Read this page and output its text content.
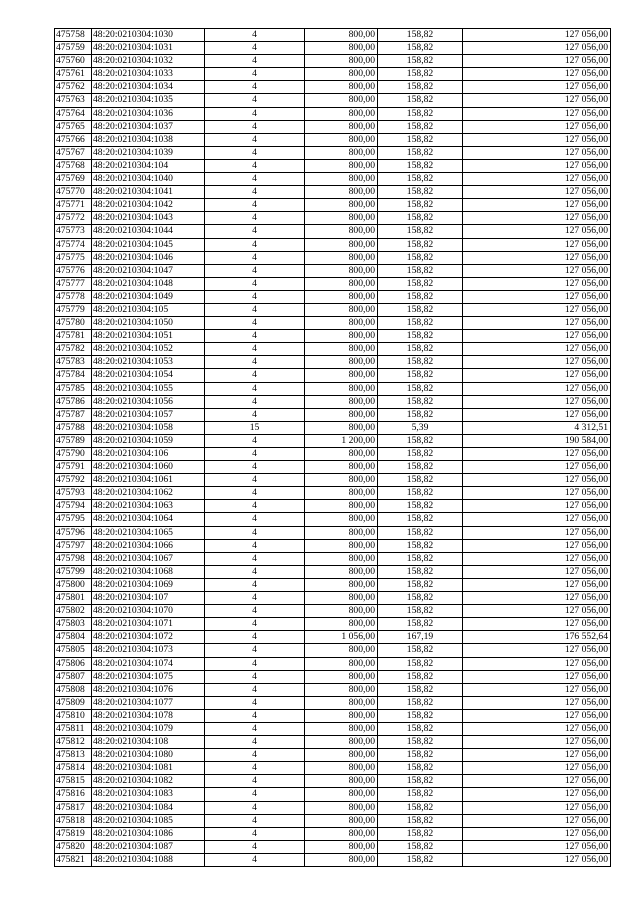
475758	48:20:0210304:1030	4	800,00	158,82	127 056,00
475759	48:20:0210304:1031	4	800,00	158,82	127 056,00
475760	48:20:0210304:1032	4	800,00	158,82	127 056,00
475761	48:20:0210304:1033	4	800,00	158,82	127 056,00
475762	48:20:0210304:1034	4	800,00	158,82	127 056,00
475763	48:20:0210304:1035	4	800,00	158,82	127 056,00
475764	48:20:0210304:1036	4	800,00	158,82	127 056,00
475765	48:20:0210304:1037	4	800,00	158,82	127 056,00
475766	48:20:0210304:1038	4	800,00	158,82	127 056,00
475767	48:20:0210304:1039	4	800,00	158,82	127 056,00
475768	48:20:0210304:104	4	800,00	158,82	127 056,00
475769	48:20:0210304:1040	4	800,00	158,82	127 056,00
475770	48:20:0210304:1041	4	800,00	158,82	127 056,00
475771	48:20:0210304:1042	4	800,00	158,82	127 056,00
475772	48:20:0210304:1043	4	800,00	158,82	127 056,00
475773	48:20:0210304:1044	4	800,00	158,82	127 056,00
475774	48:20:0210304:1045	4	800,00	158,82	127 056,00
475775	48:20:0210304:1046	4	800,00	158,82	127 056,00
475776	48:20:0210304:1047	4	800,00	158,82	127 056,00
475777	48:20:0210304:1048	4	800,00	158,82	127 056,00
475778	48:20:0210304:1049	4	800,00	158,82	127 056,00
475779	48:20:0210304:105	4	800,00	158,82	127 056,00
475780	48:20:0210304:1050	4	800,00	158,82	127 056,00
475781	48:20:0210304:1051	4	800,00	158,82	127 056,00
475782	48:20:0210304:1052	4	800,00	158,82	127 056,00
475783	48:20:0210304:1053	4	800,00	158,82	127 056,00
475784	48:20:0210304:1054	4	800,00	158,82	127 056,00
475785	48:20:0210304:1055	4	800,00	158,82	127 056,00
475786	48:20:0210304:1056	4	800,00	158,82	127 056,00
475787	48:20:0210304:1057	4	800,00	158,82	127 056,00
475788	48:20:0210304:1058	15	800,00	5,39	4 312,51
475789	48:20:0210304:1059	4	1 200,00	158,82	190 584,00
475790	48:20:0210304:106	4	800,00	158,82	127 056,00
475791	48:20:0210304:1060	4	800,00	158,82	127 056,00
475792	48:20:0210304:1061	4	800,00	158,82	127 056,00
475793	48:20:0210304:1062	4	800,00	158,82	127 056,00
475794	48:20:0210304:1063	4	800,00	158,82	127 056,00
475795	48:20:0210304:1064	4	800,00	158,82	127 056,00
475796	48:20:0210304:1065	4	800,00	158,82	127 056,00
475797	48:20:0210304:1066	4	800,00	158,82	127 056,00
475798	48:20:0210304:1067	4	800,00	158,82	127 056,00
475799	48:20:0210304:1068	4	800,00	158,82	127 056,00
475800	48:20:0210304:1069	4	800,00	158,82	127 056,00
475801	48:20:0210304:107	4	800,00	158,82	127 056,00
475802	48:20:0210304:1070	4	800,00	158,82	127 056,00
475803	48:20:0210304:1071	4	800,00	158,82	127 056,00
475804	48:20:0210304:1072	4	1 056,00	167,19	176 552,64
475805	48:20:0210304:1073	4	800,00	158,82	127 056,00
475806	48:20:0210304:1074	4	800,00	158,82	127 056,00
475807	48:20:0210304:1075	4	800,00	158,82	127 056,00
475808	48:20:0210304:1076	4	800,00	158,82	127 056,00
475809	48:20:0210304:1077	4	800,00	158,82	127 056,00
475810	48:20:0210304:1078	4	800,00	158,82	127 056,00
475811	48:20:0210304:1079	4	800,00	158,82	127 056,00
475812	48:20:0210304:108	4	800,00	158,82	127 056,00
475813	48:20:0210304:1080	4	800,00	158,82	127 056,00
475814	48:20:0210304:1081	4	800,00	158,82	127 056,00
475815	48:20:0210304:1082	4	800,00	158,82	127 056,00
475816	48:20:0210304:1083	4	800,00	158,82	127 056,00
475817	48:20:0210304:1084	4	800,00	158,82	127 056,00
475818	48:20:0210304:1085	4	800,00	158,82	127 056,00
475819	48:20:0210304:1086	4	800,00	158,82	127 056,00
475820	48:20:0210304:1087	4	800,00	158,82	127 056,00
475821	48:20:0210304:1088	4	800,00	158,82	127 056,00
